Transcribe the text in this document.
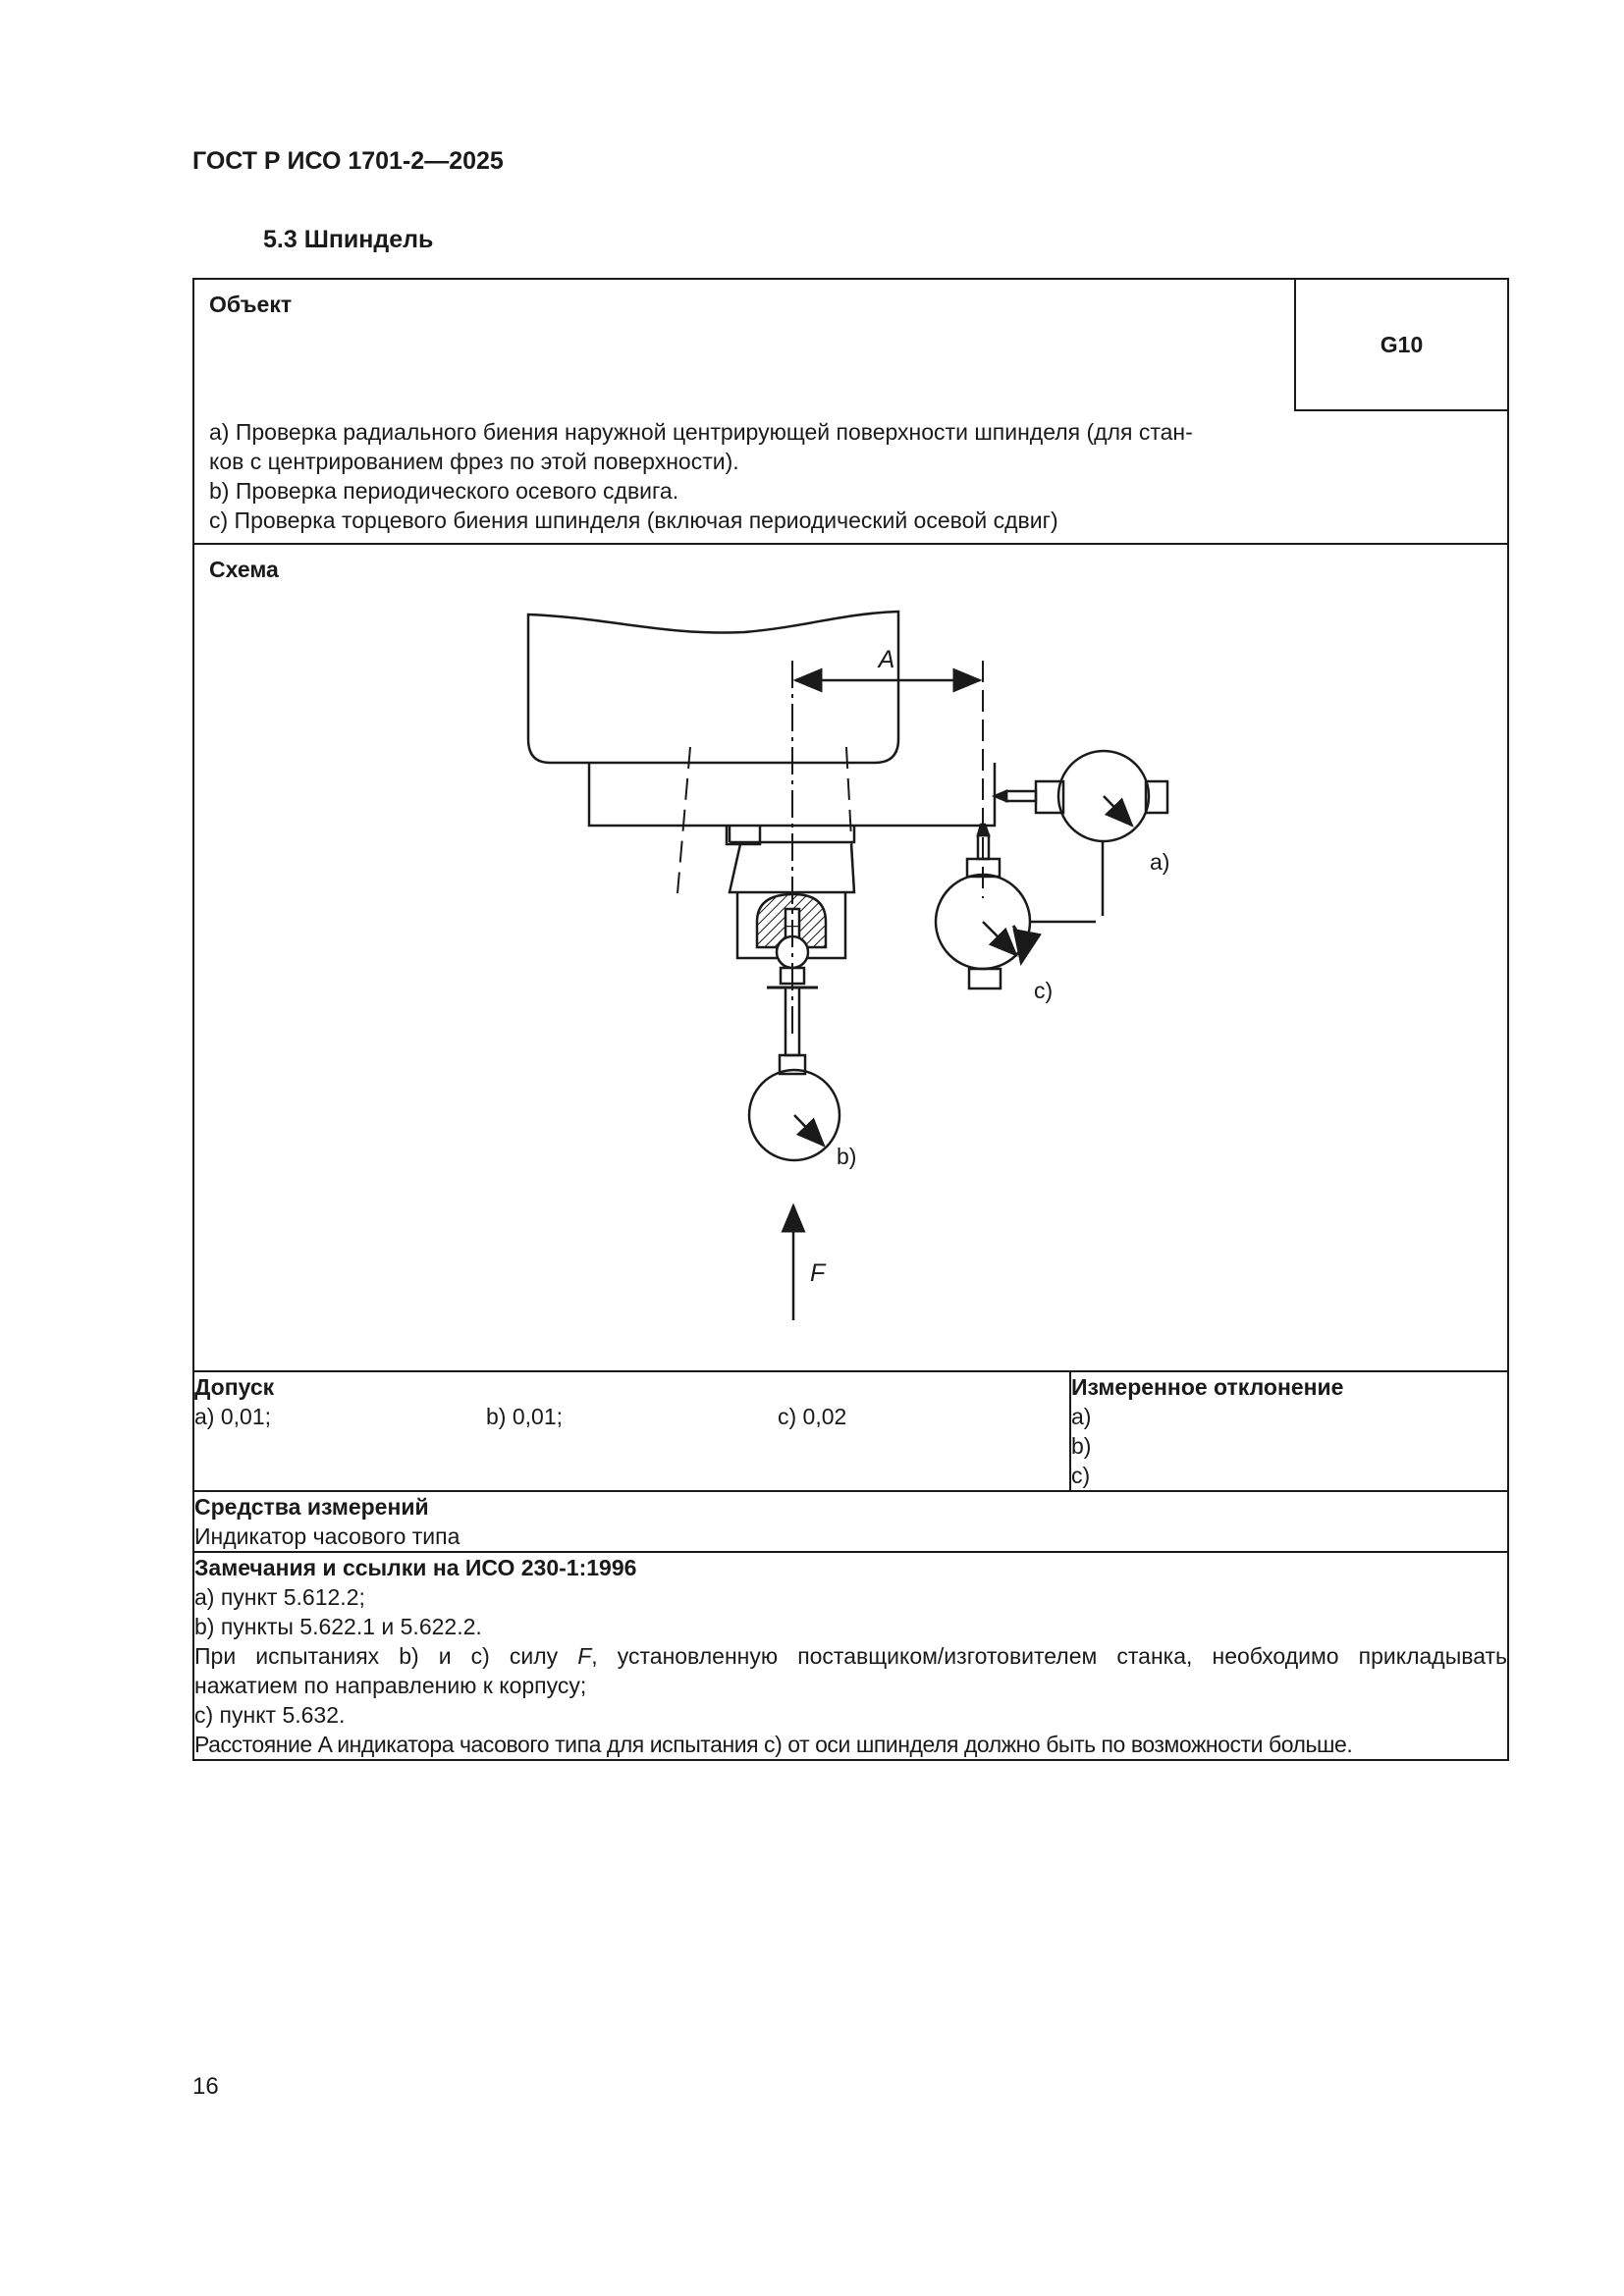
ГОСТ Р ИСО 1701-2—2025
5.3 Шпиндель
Объект
G10
a) Проверка радиального биения наружной центрирующей поверхности шпинделя (для стан-
ков с центрированием фрез по этой поверхности).
b) Проверка периодического осевого сдвига.
c) Проверка торцевого биения шпинделя (включая периодический осевой сдвиг)

Схема
A
b)
c)
a)
F

Допуск
a) 0,01;	b) 0,01;	c) 0,02

Измеренное отклонение
a)
b)
c)

Средства измерений
Индикатор часового типа

Замечания и ссылки на ИСО 230-1:1996
a) пункт 5.612.2;
b) пункты 5.622.1 и 5.622.2.
При испытаниях b) и c) силу F, установленную поставщиком/изготовителем станка, необходимо прикладывать
нажатием по направлению к корпусу;
c) пункт 5.632.
Расстояние A индикатора часового типа для испытания c) от оси шпинделя должно быть по возможности больше.
16
